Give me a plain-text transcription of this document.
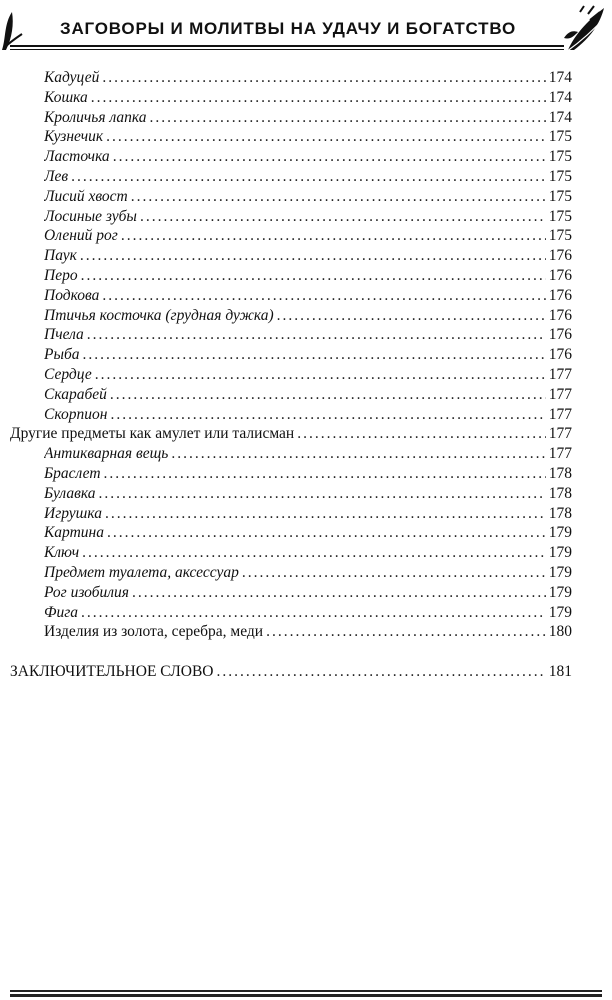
ЗАГОВОРЫ И МОЛИТВЫ НА УДАЧУ И БОГАТСТВО
Кадуцей .....	174
Кошка .....	174
Кроличья лапка .....	174
Кузнечик .....	175
Ласточка .....	175
Лев .....	175
Лисий хвост .....	175
Лосиные зубы .....	175
Олений рог .....	175
Паук .....	176
Перо .....	176
Подкова .....	176
Птичья косточка (грудная дужка) .....	176
Пчела .....	176
Рыба .....	176
Сердце .....	177
Скарабей .....	177
Скорпион .....	177
Другие предметы как амулет или талисман .....	177
Антикварная вещь .....	177
Браслет .....	178
Булавка .....	178
Игрушка .....	178
Картина .....	179
Ключ .....	179
Предмет туалета, аксессуар .....	179
Рог изобилия .....	179
Фига .....	179
Изделия из золота, серебра, меди .....	180
ЗАКЛЮЧИТЕЛЬНОЕ СЛОВО .....	181
